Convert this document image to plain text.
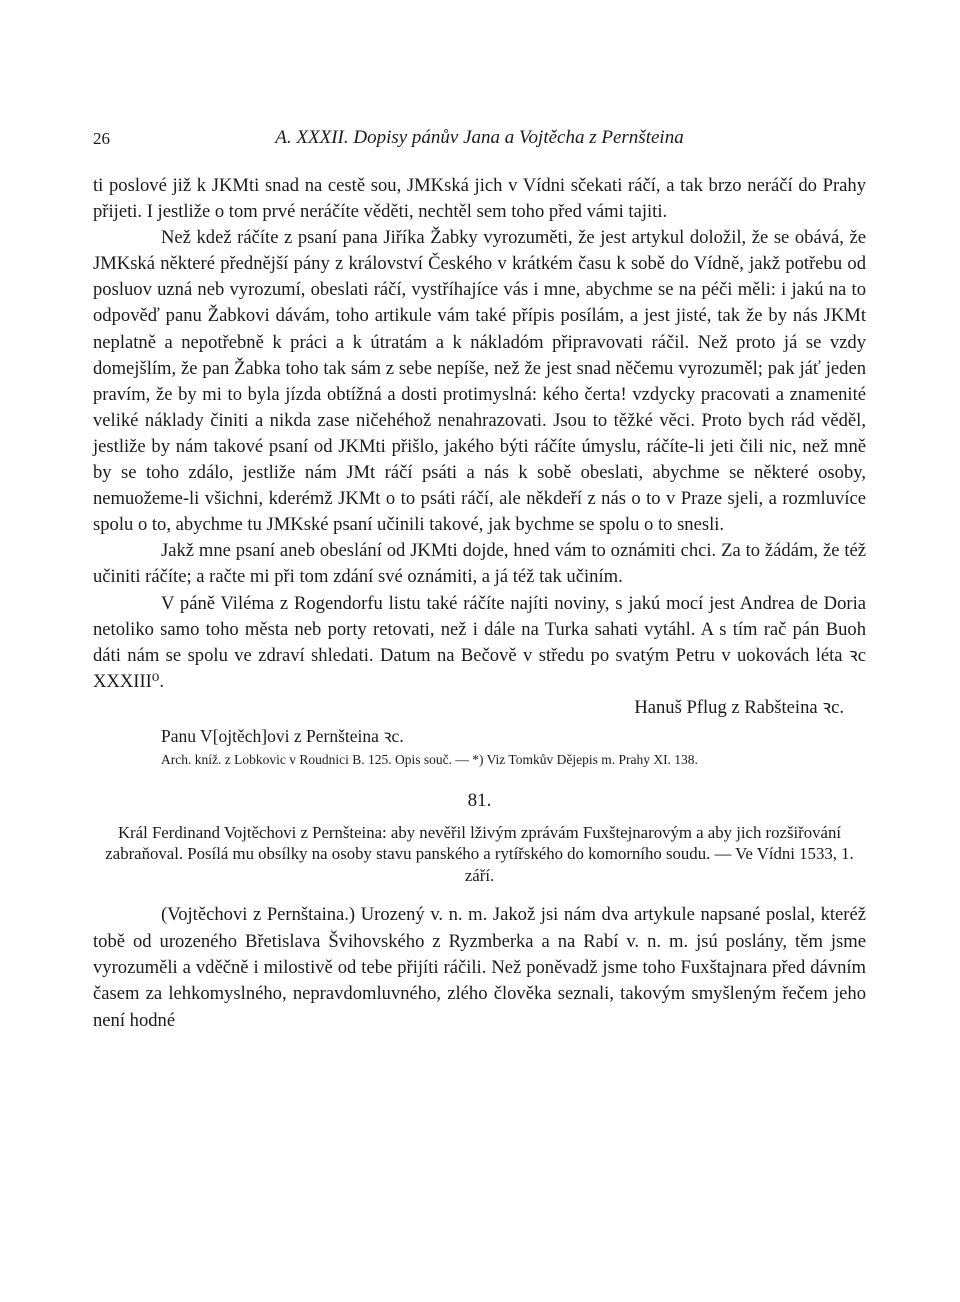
26	A. XXXII. Dopisy pánův Jana a Vojtěcha z Pernšteina

ti poslové již k JKMti snad na cestě sou, JMKská jich v Vídni sčekati ráčí, a tak brzo neráčí do Prahy přijeti. I jestliže o tom prvé neráčíte věděti, nechtěl sem toho před vámi tajiti.

Než kdež ráčíte z psaní pana Jiříka Žabky vyrozuměti, že jest artykul doložil, že se obává, že JMKská některé přednější pány z království Českého v krátkém času k sobě do Vídně, jakž potřebu od posluov uzná neb vyrozumí, obeslati ráčí, vystříhajíce vás i mne, abychme se na péči měli: i jakú na to odpověď panu Žabkovi dávám, toho artikule vám také přípis posílám, a jest jisté, tak že by nás JKMt neplatně a nepotřebně k práci a k útratám a k nákladóm připravovati ráčil. Než proto já se vzdy domejšlím, že pan Žabka toho tak sám z sebe nepíše, než že jest snad něčemu vyrozuměl; pak jáť jeden pravím, že by mi to byla jízda obtížná a dosti protimyslná: kého čerta! vzdycky pracovati a znamenité veliké náklady činiti a nikda zase ničehéhož nenahrazovati. Jsou to těžké věci. Proto bych rád věděl, jestliže by nám takové psaní od JKMti přišlo, jakého býti ráčíte úmyslu, ráčíte-li jeti čili nic, než mně by se toho zdálo, jestliže nám JMt ráčí psáti a nás k sobě obeslati, abychme se některé osoby, nemuožeme-li všichni, kderémž JKMt o to psáti ráčí, ale někdeří z nás o to v Praze sjeli, a rozmluvíce spolu o to, abychme tu JMKské psaní učinili takové, jak bychme se spolu o to snesli.

Jakž mne psaní aneb obeslání od JKMti dojde, hned vám to oznámiti chci. Za to žádám, že též učiniti ráčíte; a račte mi při tom zdání své oznámiti, a já též tak učiním.

V páně Viléma z Rogendorfu listu také ráčíte najíti noviny, s jakú mocí jest Andrea de Doria netoliko samo toho města neb porty retovati, než i dále na Turka sahati vytáhl. A s tím rač pán Buoh dáti nám se spolu ve zdraví shledati. Datum na Bečově v středu po svatým Petru v uokovách léta ꝛc XXXIII⁰.

Hanuš Pflug z Rabšteina ꝛc.
Panu V[ojtěch]ovi z Pernšteina ꝛc.
Arch. kníž. z Lobkovic v Roudnici B. 125. Opis souč. — *) Viz Tomkův Dějepis m. Prahy XI. 138.
81.
Král Ferdinand Vojtěchovi z Pernšteina: aby nevěřil lživým zprávám Fuxštejnarovým a aby jich rozšiřování zabraňoval. Posílá mu obsílky na osoby stavu panského a rytířského do komorního soudu. — Ve Vídni 1533, 1. září.

(Vojtěchovi z Pernštaina.) Urozený v. n. m. Jakož jsi nám dva artykule napsané poslal, kteréž tobě od urozeného Břetislava Švihovského z Ryzmberka a na Rabí v. n. m. jsú poslány, těm jsme vyrozuměli a vděčně i milostivě od tebe přijíti ráčili. Než poněvadž jsme toho Fuxštajnara před dávním časem za lehkomyslného, nepravdomluvného, zlého člověka seznali, takovým smyšleným řečem jeho není hodné
